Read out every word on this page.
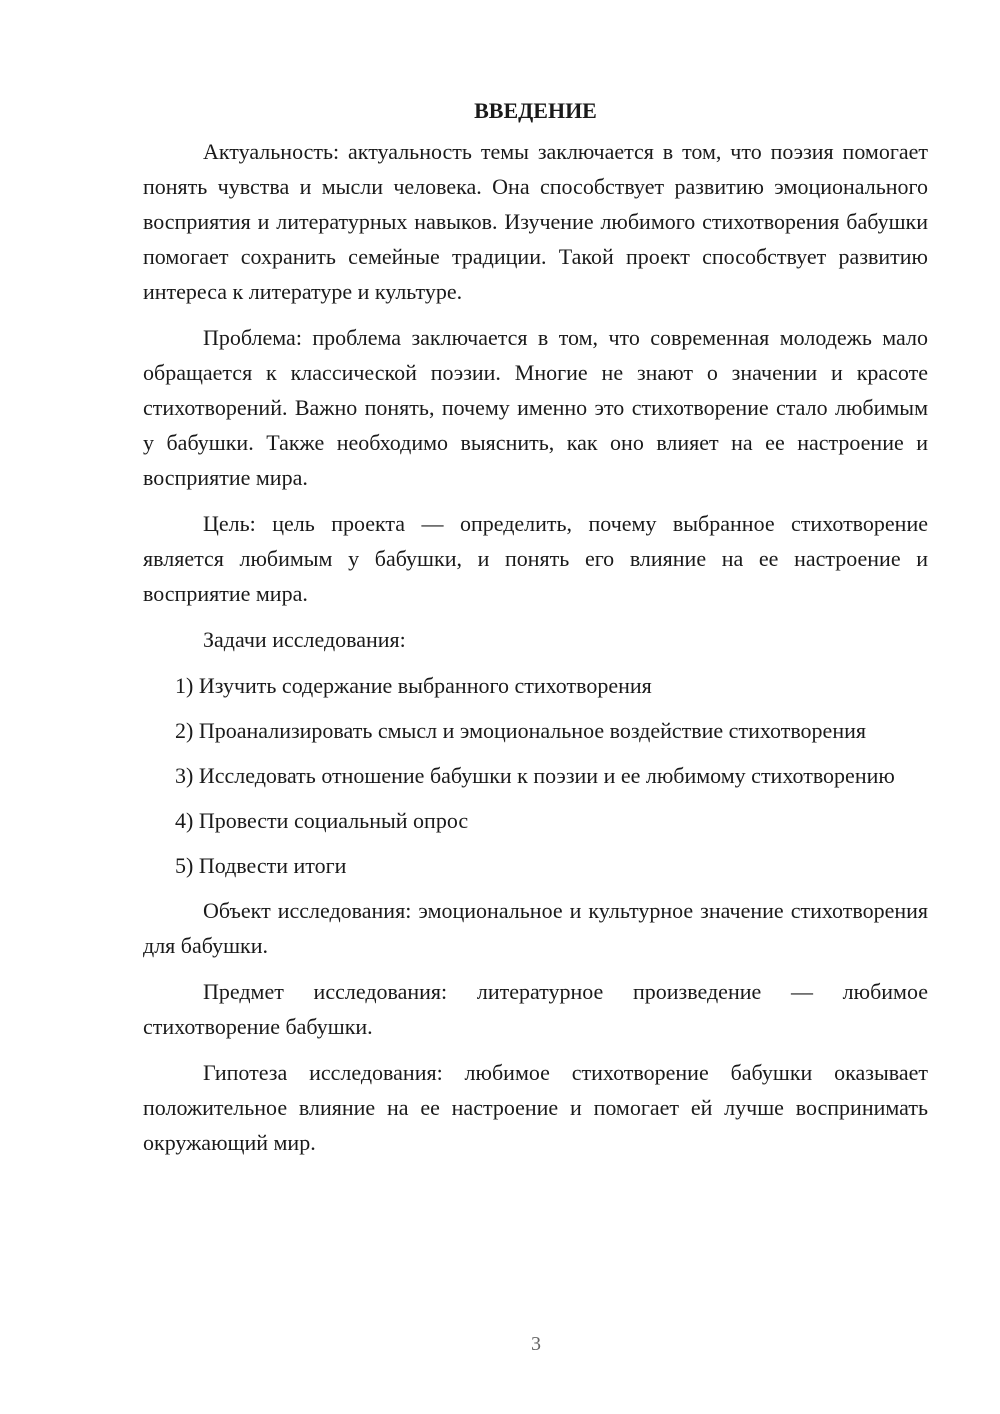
ВВЕДЕНИЕ

Актуальность: актуальность темы заключается в том, что поэзия помогает понять чувства и мысли человека. Она способствует развитию эмоционального восприятия и литературных навыков. Изучение любимого стихотворения бабушки помогает сохранить семейные традиции. Такой проект способствует развитию интереса к литературе и культуре.

Проблема: проблема заключается в том, что современная молодежь мало обращается к классической поэзии. Многие не знают о значении и красоте стихотворений. Важно понять, почему именно это стихотворение стало любимым у бабушки. Также необходимо выяснить, как оно влияет на ее настроение и восприятие мира.

Цель: цель проекта — определить, почему выбранное стихотворение является любимым у бабушки, и понять его влияние на ее настроение и восприятие мира.

Задачи исследования:

1) Изучить содержание выбранного стихотворения

2) Проанализировать смысл и эмоциональное воздействие стихотворения

3) Исследовать отношение бабушки к поэзии и ее любимому стихотворению

4) Провести социальный опрос

5) Подвести итоги

Объект исследования: эмоциональное и культурное значение стихотворения для бабушки.

Предмет исследования: литературное произведение — любимое стихотворение бабушки.

Гипотеза исследования: любимое стихотворение бабушки оказывает положительное влияние на ее настроение и помогает ей лучше воспринимать окружающий мир.

3
